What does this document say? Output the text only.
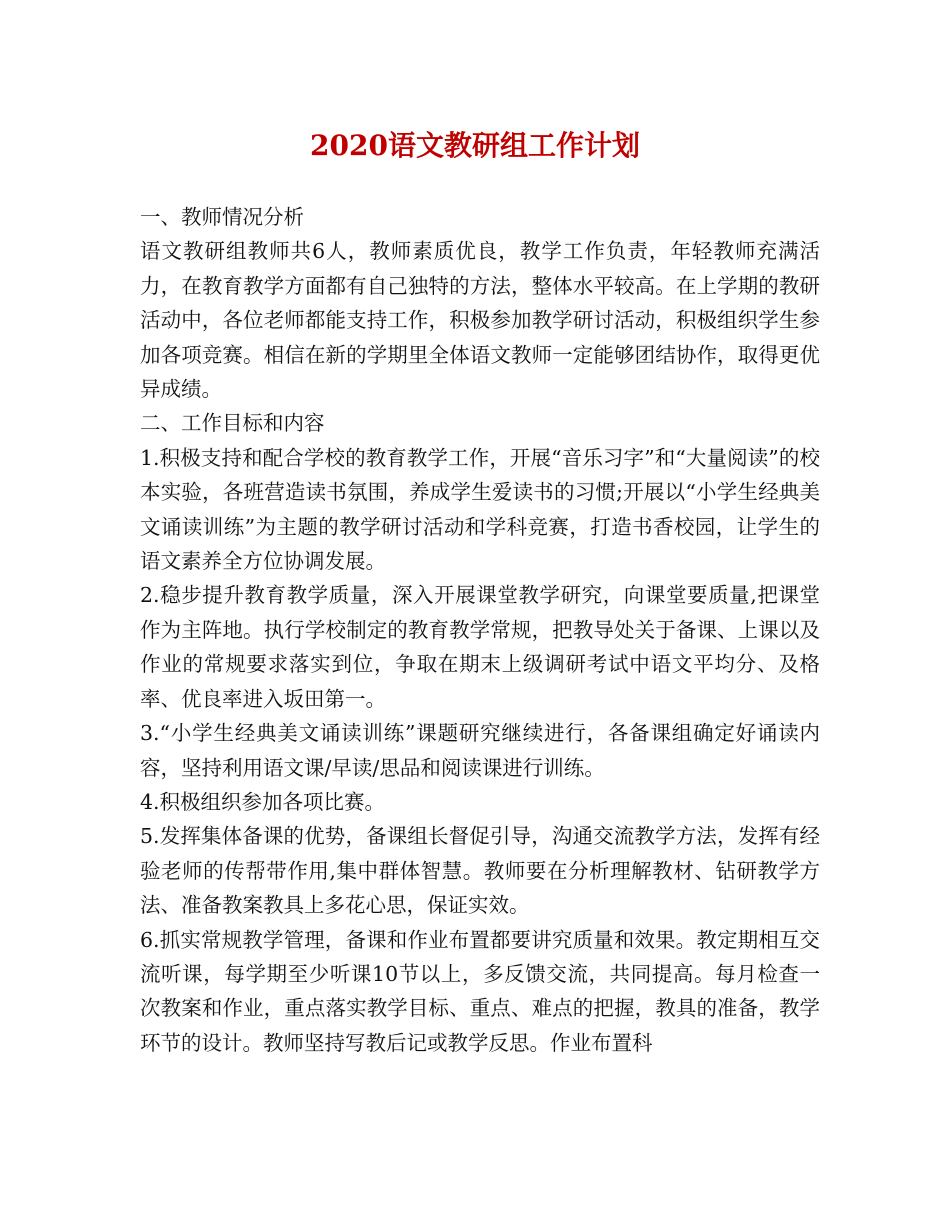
2020语文教研组工作计划

一、教师情况分析

语文教研组教师共6人，教师素质优良，教学工作负责，年轻教师充满活力，在教育教学方面都有自己独特的方法，整体水平较高。在上学期的教研活动中，各位老师都能支持工作，积极参加教学研讨活动，积极组织学生参加各项竞赛。相信在新的学期里全体语文教师一定能够团结协作，取得更优异成绩。

二、工作目标和内容

1.积极支持和配合学校的教育教学工作，开展“音乐习字”和“大量阅读”的校本实验，各班营造读书氛围，养成学生爱读书的习惯;开展以“小学生经典美文诵读训练”为主题的教学研讨活动和学科竞赛，打造书香校园，让学生的语文素养全方位协调发展。

2.稳步提升教育教学质量，深入开展课堂教学研究，向课堂要质量,把课堂作为主阵地。执行学校制定的教育教学常规，把教导处关于备课、上课以及作业的常规要求落实到位，争取在期末上级调研考试中语文平均分、及格率、优良率进入坂田第一。

3.“小学生经典美文诵读训练”课题研究继续进行，各备课组确定好诵读内容，坚持利用语文课/早读/思品和阅读课进行训练。

4.积极组织参加各项比赛。

5.发挥集体备课的优势，备课组长督促引导，沟通交流教学方法，发挥有经验老师的传帮带作用,集中群体智慧。教师要在分析理解教材、钻研教学方法、准备教案教具上多花心思，保证实效。

6.抓实常规教学管理，备课和作业布置都要讲究质量和效果。教定期相互交流听课，每学期至少听课10节以上，多反馈交流，共同提高。每月检查一次教案和作业，重点落实教学目标、重点、难点的把握，教具的准备，教学环节的设计。教师坚持写教后记或教学反思。作业布置科
